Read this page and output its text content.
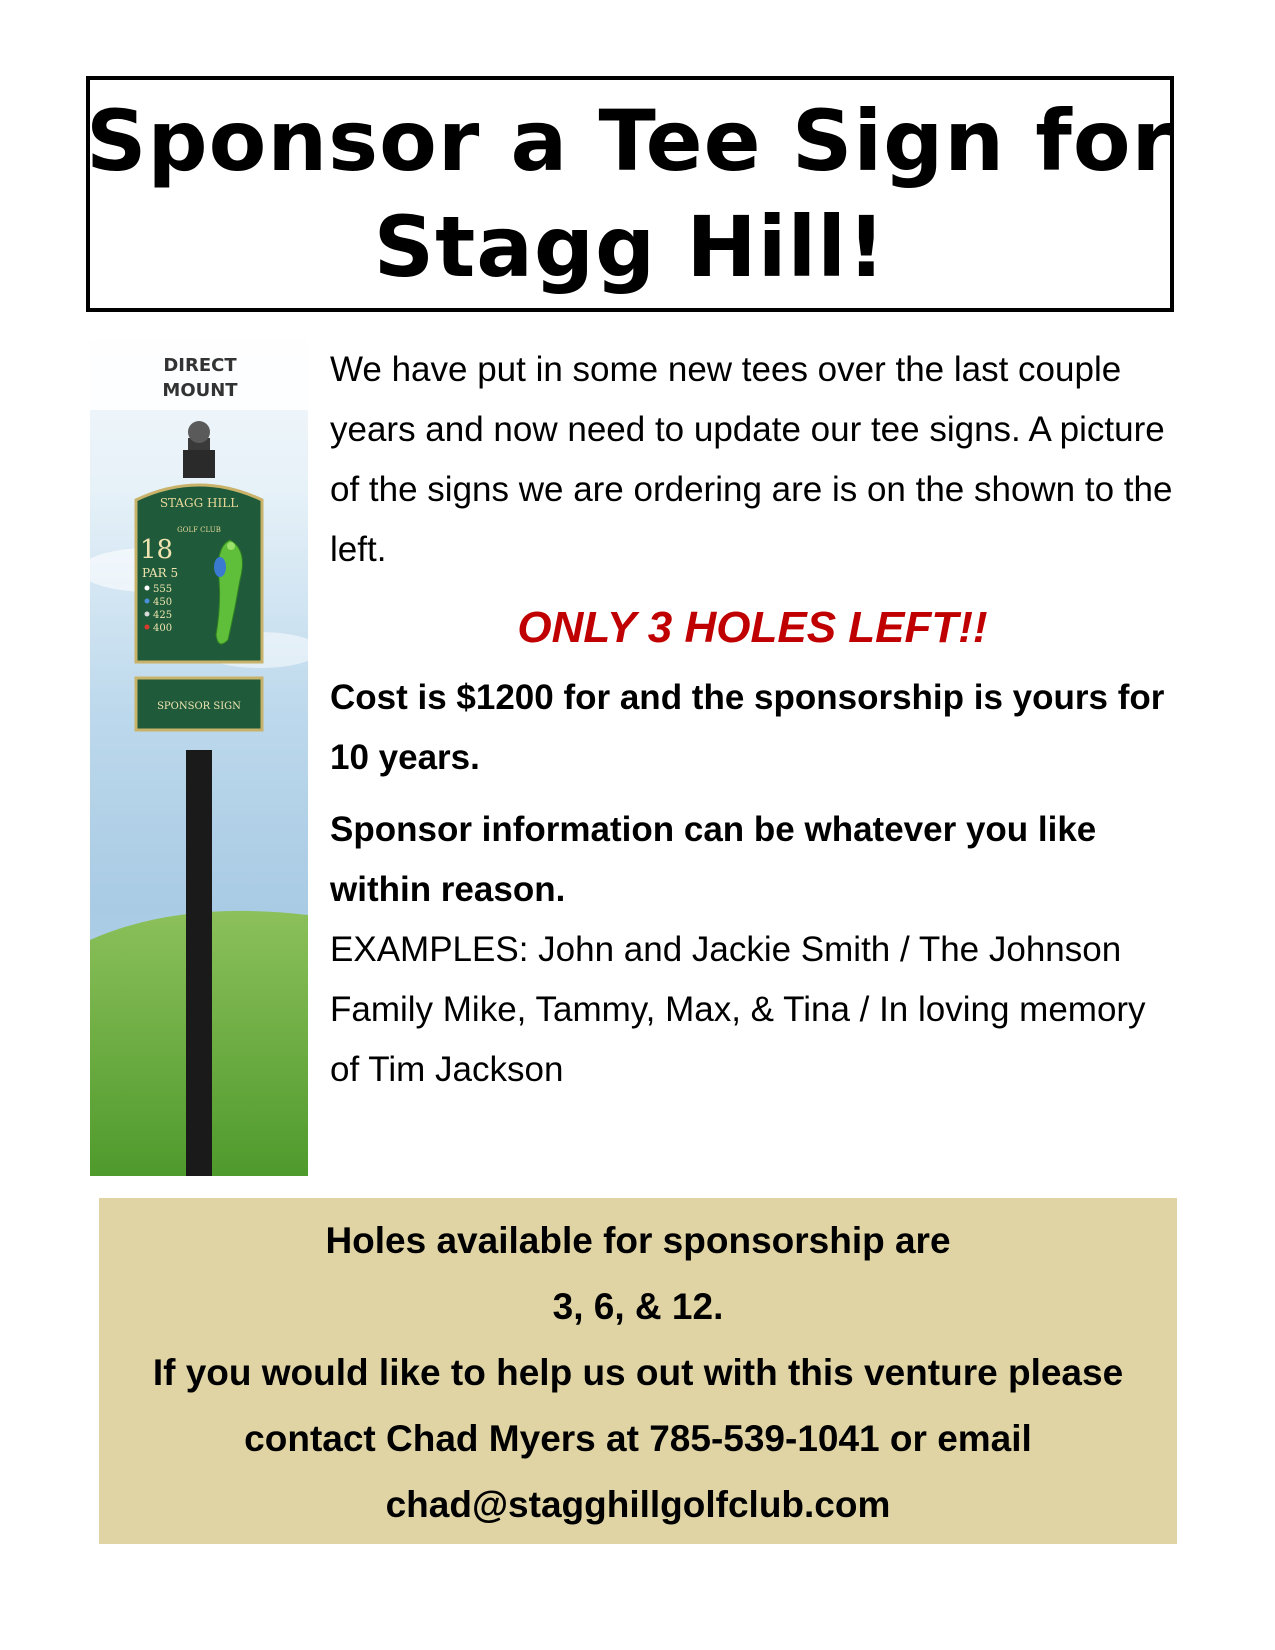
Sponsor a Tee Sign for
Stagg Hill!
DIRECT
MOUNT
STAGG HILL
GOLF CLUB
18
PAR 5
555
450
425
400
SPONSOR SIGN

We have put in some new tees over the last couple years and now need to update our tee signs. A picture of the signs we are ordering are is on the shown to the left.

ONLY 3 HOLES LEFT!!

Cost is $1200 for and the sponsorship is yours for 10 years.

Sponsor information can be whatever you like within reason.

EXAMPLES: John and Jackie Smith / The Johnson Family Mike, Tammy, Max, & Tina / In loving memory of Tim Jackson

Holes available for sponsorship are
3, 6, & 12.
If you would like to help us out with this venture please
contact Chad Myers at 785-539-1041 or email
chad@stagghillgolfclub.com
